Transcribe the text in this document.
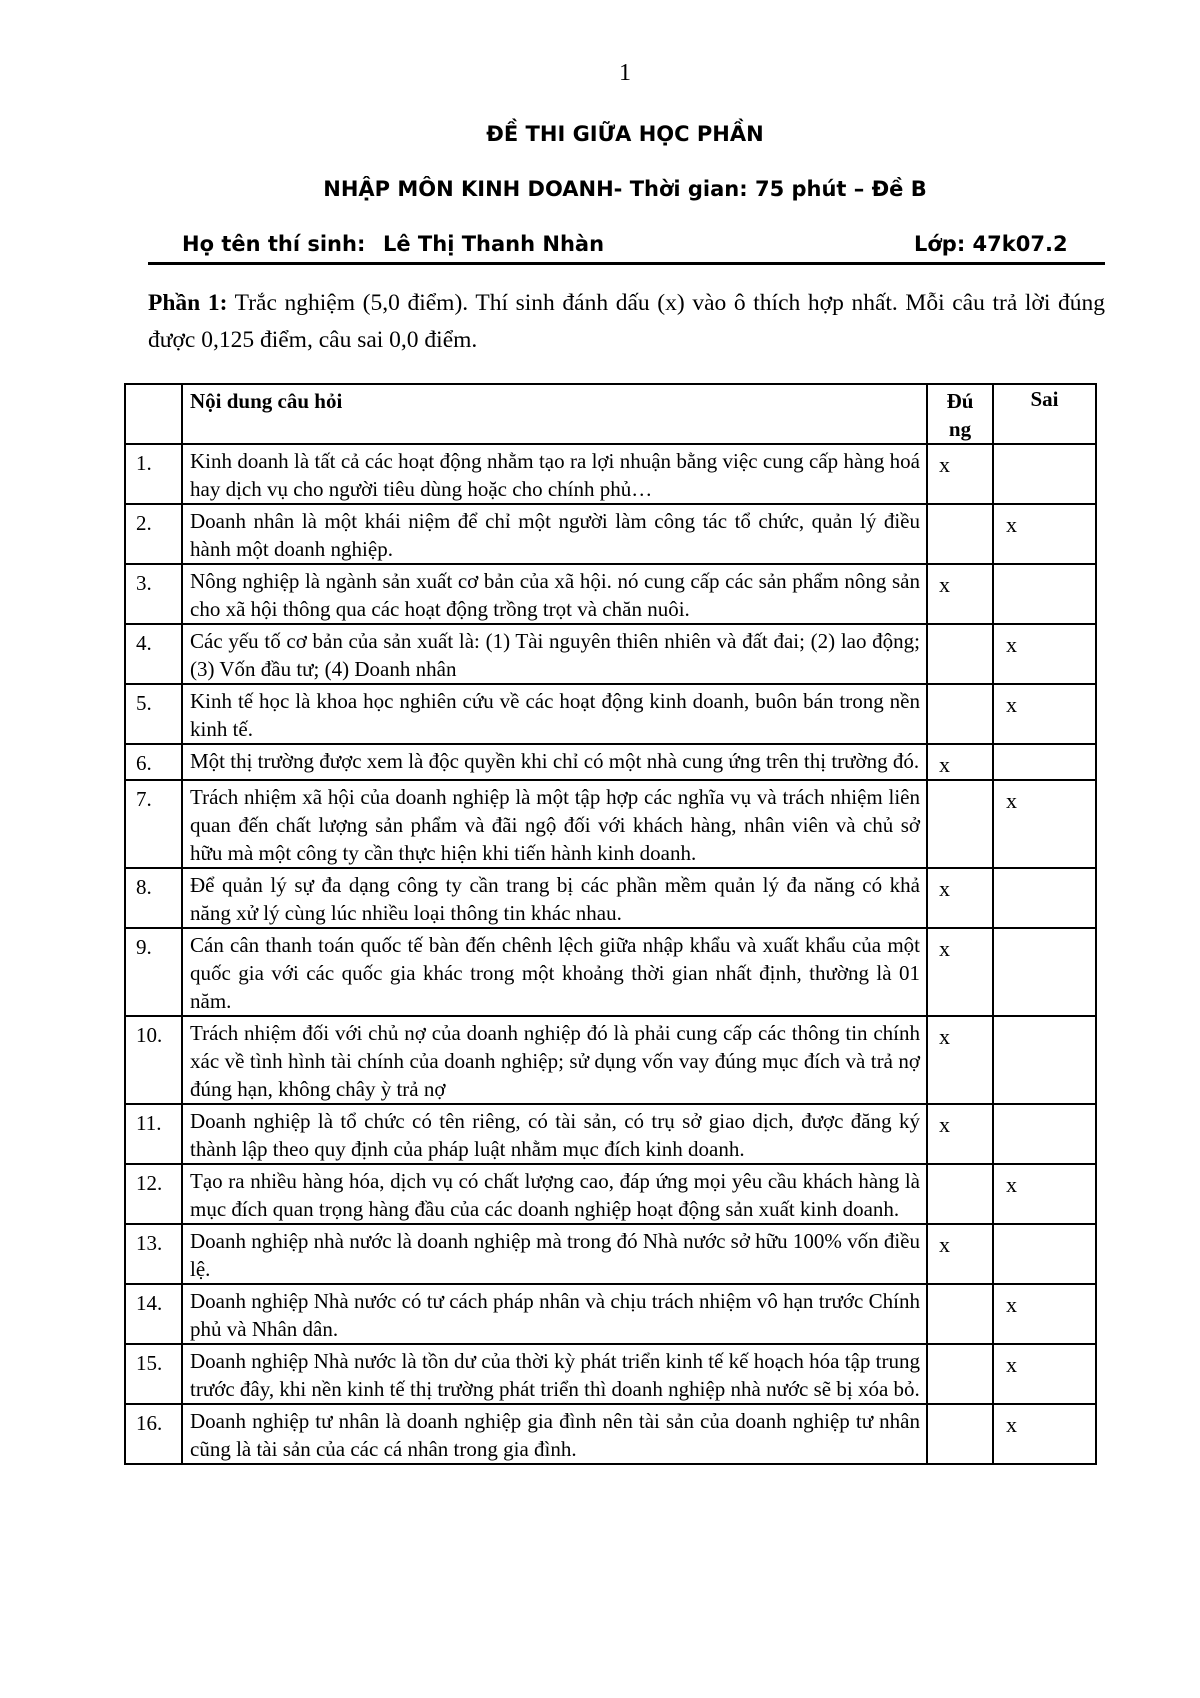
1
ĐỀ THI GIỮA HỌC PHẦN
NHẬP MÔN KINH DOANH- Thời gian: 75 phút – Đề B
Họ tên thí sinh: Lê Thị Thanh Nhàn	Lớp: 47k07.2
Phần 1: Trắc nghiệm (5,0 điểm). Thí sinh đánh dấu (x) vào ô thích hợp nhất. Mỗi câu trả lời đúng được 0,125 điểm, câu sai 0,0 điểm.
	Nội dung câu hỏi	Đúng	Sai
1.	Kinh doanh là tất cả các hoạt động nhằm tạo ra lợi nhuận bằng việc cung cấp hàng hoá hay dịch vụ cho người tiêu dùng hoặc cho chính phủ…	x	
2.	Doanh nhân là một khái niệm để chỉ một người làm công tác tổ chức, quản lý điều hành một doanh nghiệp.		x
3.	Nông nghiệp là ngành sản xuất cơ bản của xã hội. nó cung cấp các sản phẩm nông sản cho xã hội thông qua các hoạt động trồng trọt và chăn nuôi.	x	
4.	Các yếu tố cơ bản của sản xuất là: (1) Tài nguyên thiên nhiên và đất đai; (2) lao động; (3) Vốn đầu tư; (4) Doanh nhân		x
5.	Kinh tế học là khoa học nghiên cứu về các hoạt động kinh doanh, buôn bán trong nền kinh tế.		x
6.	Một thị trường được xem là độc quyền khi chỉ có một nhà cung ứng trên thị trường đó.	x	
7.	Trách nhiệm xã hội của doanh nghiệp là một tập hợp các nghĩa vụ và trách nhiệm liên quan đến chất lượng sản phẩm và đãi ngộ đối với khách hàng, nhân viên và chủ sở hữu mà một công ty cần thực hiện khi tiến hành kinh doanh.		x
8.	Để quản lý sự đa dạng công ty cần trang bị các phần mềm quản lý đa năng có khả năng xử lý cùng lúc nhiều loại thông tin khác nhau.	x	
9.	Cán cân thanh toán quốc tế bàn đến chênh lệch giữa nhập khẩu và xuất khẩu của một quốc gia với các quốc gia khác trong một khoảng thời gian nhất định, thường là 01 năm.	x	
10.	Trách nhiệm đối với chủ nợ của doanh nghiệp đó là phải cung cấp các thông tin chính xác về tình hình tài chính của doanh nghiệp; sử dụng vốn vay đúng mục đích và trả nợ đúng hạn, không chây ỳ trả nợ	x	
11.	Doanh nghiệp là tổ chức có tên riêng, có tài sản, có trụ sở giao dịch, được đăng ký thành lập theo quy định của pháp luật nhằm mục đích kinh doanh.	x	
12.	Tạo ra nhiều hàng hóa, dịch vụ có chất lượng cao, đáp ứng mọi yêu cầu khách hàng là mục đích quan trọng hàng đầu của các doanh nghiệp hoạt động sản xuất kinh doanh.		x
13.	Doanh nghiệp nhà nước là doanh nghiệp mà trong đó Nhà nước sở hữu 100% vốn điều lệ.	x	
14.	Doanh nghiệp Nhà nước có tư cách pháp nhân và chịu trách nhiệm vô hạn trước Chính phủ và Nhân dân.		x
15.	Doanh nghiệp Nhà nước là tồn dư của thời kỳ phát triển kinh tế kế hoạch hóa tập trung trước đây, khi nền kinh tế thị trường phát triển thì doanh nghiệp nhà nước sẽ bị xóa bỏ.		x
16.	Doanh nghiệp tư nhân là doanh nghiệp gia đình nên tài sản của doanh nghiệp tư nhân cũng là tài sản của các cá nhân trong gia đình.		x
